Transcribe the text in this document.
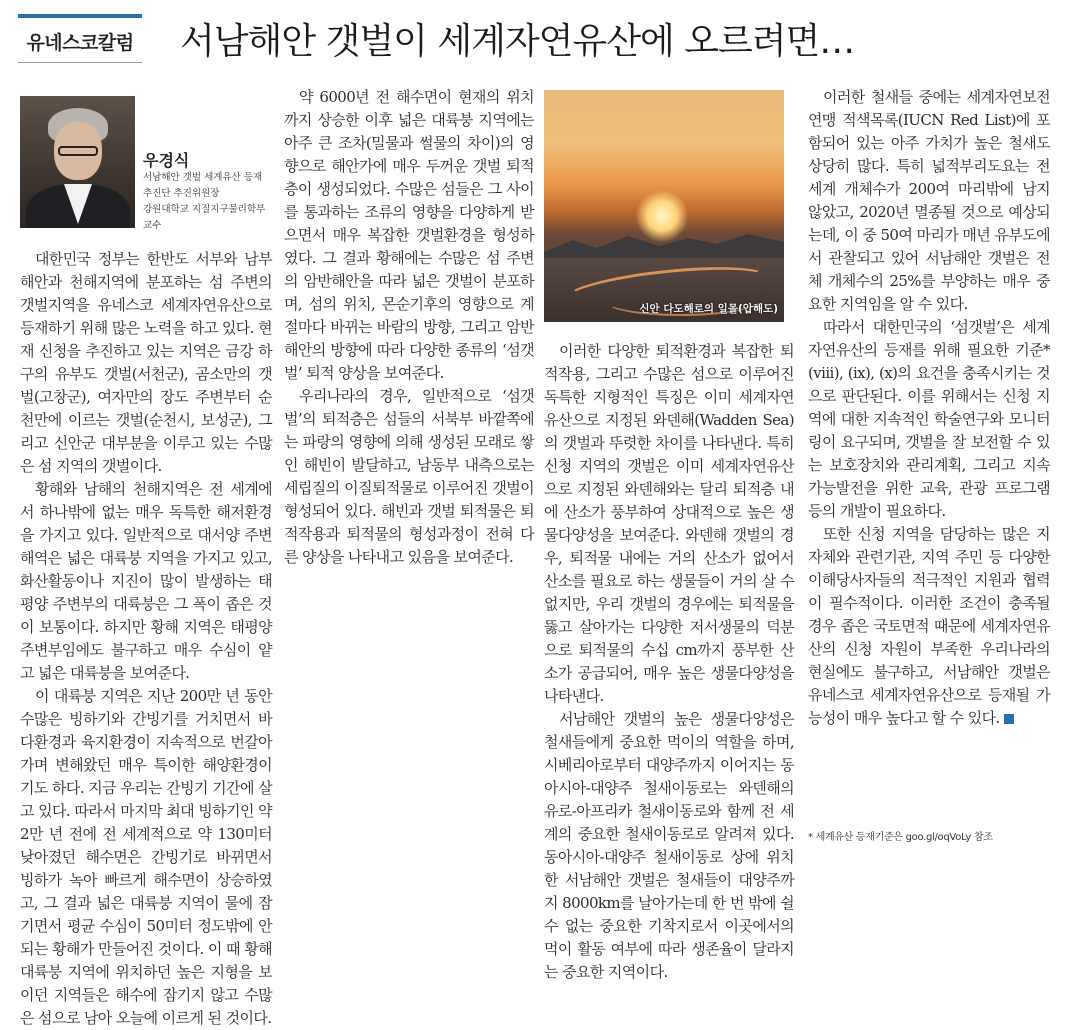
유네스코칼럼 서남해안 갯벌이 세계자연유산에 오르려면…
우경식
서남해안 갯벌 세계유산 등재
추진단 추진위원장
강원대학교 지질지구물리학부
교수

대한민국 정부는 한반도 서부와 남부 해안과 천해지역에 분포하는 섬 주변의 갯벌지역을 유네스코 세계자연유산으로 등재하기 위해 많은 노력을 하고 있다. 현재 신청을 추진하고 있는 지역은 금강 하구의 유부도 갯벌(서천군), 곰소만의 갯벌(고창군), 여자만의 장도 주변부터 순천만에 이르는 갯벌(순천시, 보성군), 그리고 신안군 대부분을 이루고 있는 수많은 섬 지역의 갯벌이다.

황해와 남해의 천해지역은 전 세계에서 하나밖에 없는 매우 독특한 해저환경을 가지고 있다. 일반적으로 대서양 주변 해역은 넓은 대륙붕 지역을 가지고 있고, 화산활동이나 지진이 많이 발생하는 태평양 주변부의 대륙붕은 그 폭이 좁은 것이 보통이다. 하지만 황해 지역은 태평양 주변부임에도 불구하고 매우 수심이 얕고 넓은 대륙붕을 보여준다.

이 대륙붕 지역은 지난 200만 년 동안 수많은 빙하기와 간빙기를 거치면서 바다환경과 육지환경이 지속적으로 번갈아가며 변해왔던 매우 특이한 해양환경이기도 하다. 지금 우리는 간빙기 기간에 살고 있다. 따라서 마지막 최대 빙하기인 약 2만 년 전에 전 세계적으로 약 130미터 낮아졌던 해수면은 간빙기로 바뀌면서 빙하가 녹아 빠르게 해수면이 상승하였고, 그 결과 넓은 대륙붕 지역이 물에 잠기면서 평균 수심이 50미터 정도밖에 안 되는 황해가 만들어진 것이다. 이 때 황해 대륙붕 지역에 위치하던 높은 지형을 보이던 지역들은 해수에 잠기지 않고 수많은 섬으로 남아 오늘에 이르게 된 것이다.

약 6000년 전 해수면이 현재의 위치까지 상승한 이후 넓은 대륙붕 지역에는 아주 큰 조차(밀물과 썰물의 차이)의 영향으로 해안가에 매우 두꺼운 갯벌 퇴적층이 생성되었다. 수많은 섬들은 그 사이를 통과하는 조류의 영향을 다양하게 받으면서 매우 복잡한 갯벌환경을 형성하였다. 그 결과 황해에는 수많은 섬 주변의 암반해안을 따라 넓은 갯벌이 분포하며, 섬의 위치, 몬순기후의 영향으로 계절마다 바뀌는 바람의 방향, 그리고 암반해안의 방향에 따라 다양한 종류의 ‘섬갯벌’ 퇴적 양상을 보여준다.

우리나라의 경우, 일반적으로 ‘섬갯벌’의 퇴적층은 섬들의 서북부 바깥쪽에는 파랑의 영향에 의해 생성된 모래로 쌓인 해빈이 발달하고, 남동부 내측으로는 세립질의 이질퇴적물로 이루어진 갯벌이 형성되어 있다. 해빈과 갯벌 퇴적물은 퇴적작용과 퇴적물의 형성과정이 전혀 다른 양상을 나타내고 있음을 보여준다.

신안 다도해로의 일몰(압해도)

이러한 다양한 퇴적환경과 복잡한 퇴적작용, 그리고 수많은 섬으로 이루어진 독특한 지형적인 특징은 이미 세계자연유산으로 지정된 와덴해(Wadden Sea)의 갯벌과 뚜렷한 차이를 나타낸다. 특히 신청 지역의 갯벌은 이미 세계자연유산으로 지정된 와덴해와는 달리 퇴적층 내에 산소가 풍부하여 상대적으로 높은 생물다양성을 보여준다. 와덴해 갯벌의 경우, 퇴적물 내에는 거의 산소가 없어서 산소를 필요로 하는 생물들이 거의 살 수 없지만, 우리 갯벌의 경우에는 퇴적물을 뚫고 살아가는 다양한 저서생물의 덕분으로 퇴적물의 수십 cm까지 풍부한 산소가 공급되어, 매우 높은 생물다양성을 나타낸다.

서남해안 갯벌의 높은 생물다양성은 철새들에게 중요한 먹이의 역할을 하며, 시베리아로부터 대양주까지 이어지는 동아시아-대양주 철새이동로는 와덴해의 유로-아프리카 철새이동로와 함께 전 세계의 중요한 철새이동로로 알려져 있다. 동아시아-대양주 철새이동로 상에 위치한 서남해안 갯벌은 철새들이 대양주까지 8000km를 날아가는데 한 번 밖에 쉴 수 없는 중요한 기착지로서 이곳에서의 먹이 활동 여부에 따라 생존율이 달라지는 중요한 지역이다.

이러한 철새들 중에는 세계자연보전연맹 적색목록(IUCN Red List)에 포함되어 있는 아주 가치가 높은 철새도 상당히 많다. 특히 넓적부리도요는 전세계 개체수가 200여 마리밖에 남지 않았고, 2020년 멸종될 것으로 예상되는데, 이 중 50여 마리가 매년 유부도에서 관찰되고 있어 서남해안 갯벌은 전체 개체수의 25%를 부양하는 매우 중요한 지역임을 알 수 있다.

따라서 대한민국의 ‘섬갯벌’은 세계자연유산의 등재를 위해 필요한 기준* (viii), (ix), (x)의 요건을 충족시키는 것으로 판단된다. 이를 위해서는 신청 지역에 대한 지속적인 학술연구와 모니터링이 요구되며, 갯벌을 잘 보전할 수 있는 보호장치와 관리계획, 그리고 지속가능발전을 위한 교육, 관광 프로그램 등의 개발이 필요하다.

또한 신청 지역을 담당하는 많은 지자체와 관련기관, 지역 주민 등 다양한 이해당사자들의 적극적인 지원과 협력이 필수적이다. 이러한 조건이 충족될 경우 좁은 국토면적 때문에 세계자연유산의 신청 자원이 부족한 우리나라의 현실에도 불구하고, 서남해안 갯벌은 유네스코 세계자연유산으로 등재될 가능성이 매우 높다고 할 수 있다.

* 세계유산 등재기준은 goo.gl/oqVoLy 참조
